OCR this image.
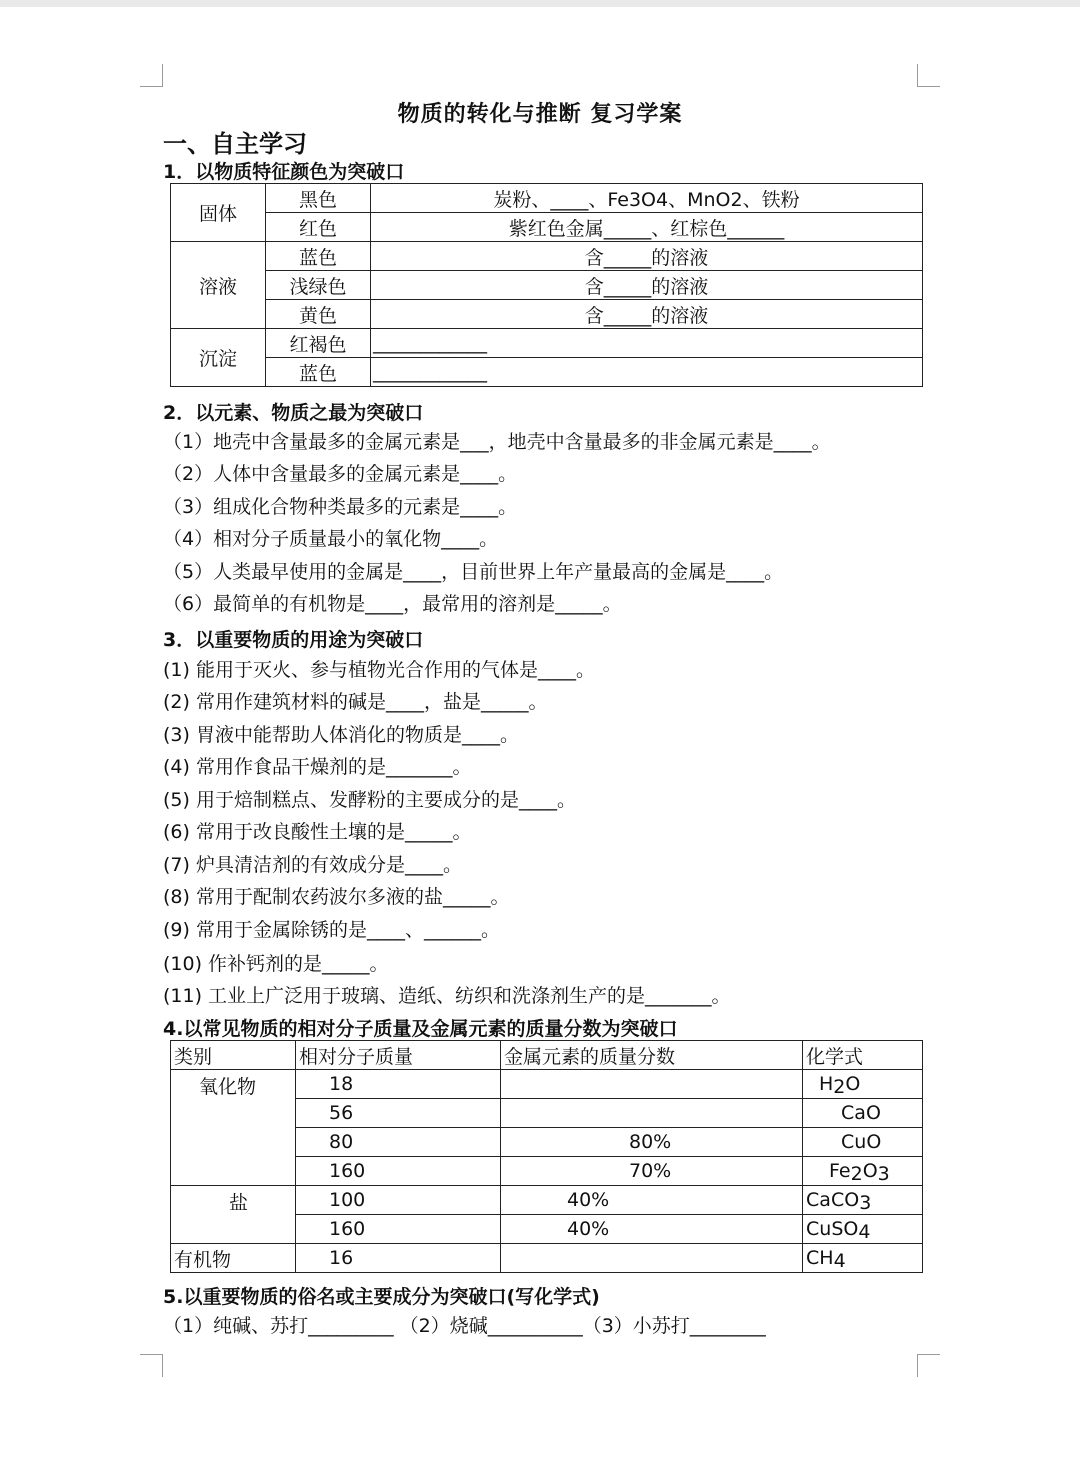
物质的转化与推断 复习学案
一、自主学习
1．以物质特征颜色为突破口
固体	黑色	炭粉、____、Fe3O4、MnO2、铁粉
	红色	紫红色金属_____、红棕色______
溶液	蓝色	含_____的溶液
	浅绿色	含_____的溶液
	黄色	含_____的溶液
沉淀	红褐色	____________
	蓝色	____________
2．以元素、物质之最为突破口
（1）地壳中含量最多的金属元素是___，地壳中含量最多的非金属元素是____。
（2）人体中含量最多的金属元素是____。
（3）组成化合物种类最多的元素是____。
（4）相对分子质量最小的氧化物____。
（5）人类最早使用的金属是____，目前世界上年产量最高的金属是____。
（6）最简单的有机物是____，最常用的溶剂是_____。
3．以重要物质的用途为突破口
(1) 能用于灭火、参与植物光合作用的气体是____。
(2) 常用作建筑材料的碱是____，盐是_____。
(3) 胃液中能帮助人体消化的物质是____。
(4) 常用作食品干燥剂的是_______。
(5) 用于焙制糕点、发酵粉的主要成分的是____。
(6) 常用于改良酸性土壤的是_____。
(7) 炉具清洁剂的有效成分是____。
(8) 常用于配制农药波尔多液的盐_____。
(9) 常用于金属除锈的是____、______。
(10) 作补钙剂的是_____。
(11) 工业上广泛用于玻璃、造纸、纺织和洗涤剂生产的是_______。
4.以常见物质的相对分子质量及金属元素的质量分数为突破口
类别	相对分子质量	金属元素的质量分数	化学式
氧化物	18		$H_2O$
	56		CaO
	80	80%	CuO
	160	70%	$Fe_2O_3$
盐	100	40%	CaCO$_3$
	160	40%	CuSO$_4$
有机物	16		$CH_4$
5.以重要物质的俗名或主要成分为突破口(写化学式)
（1）纯碱、苏打_________ （2）烧碱__________（3）小苏打________
